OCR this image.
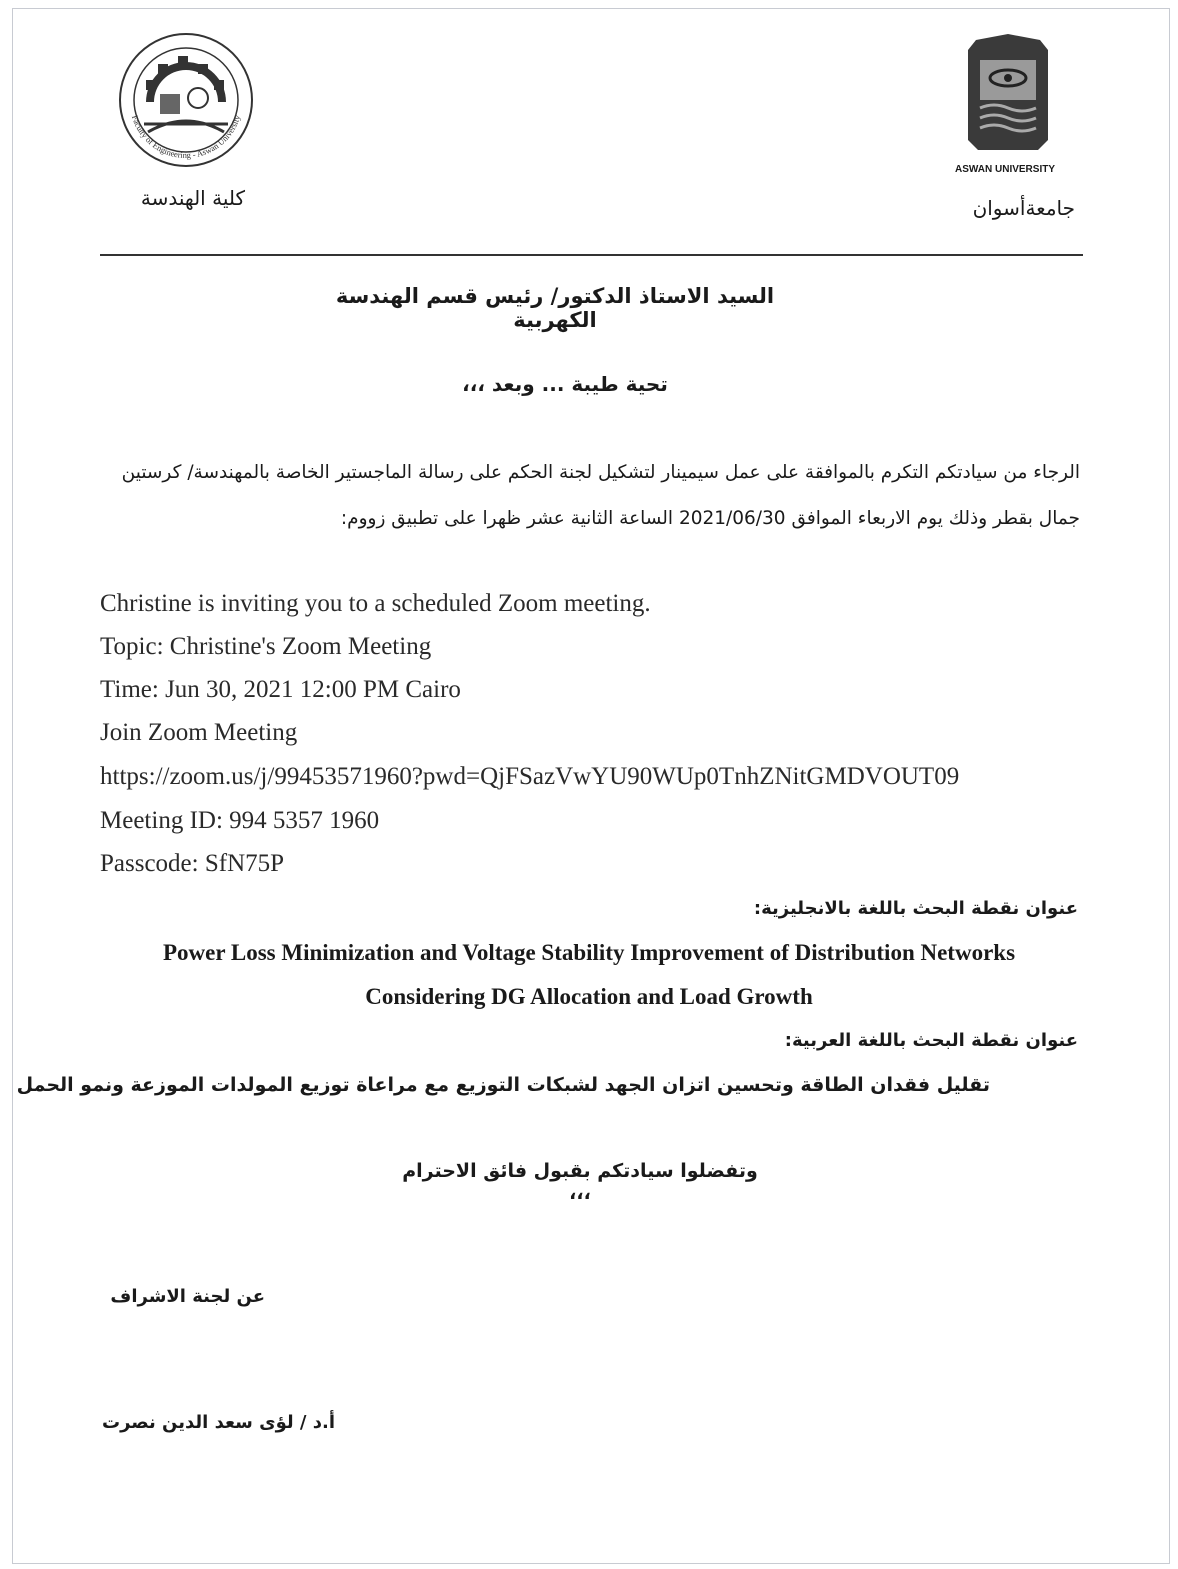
Faculty of Engineering - Aswan University
ASWAN UNIVERSITY
جامعةأسوان
كلية الهندسة
السيد الاستاذ الدكتور/ رئيس قسم الهندسة الكهربية
تحية طيبة ... وبعد ،،،
الرجاء من سيادتكم التكرم بالموافقة على عمل سيمينار لتشكيل لجنة الحكم على رسالة الماجستير الخاصة بالمهندسة/ كرستين
جمال بقطر وذلك يوم الاربعاء الموافق 2021/06/30 الساعة الثانية عشر ظهرا على تطبيق زووم:
Christine is inviting you to a scheduled Zoom meeting.
Topic: Christine's Zoom Meeting
Time: Jun 30, 2021 12:00 PM Cairo
Join Zoom Meeting
https://zoom.us/j/99453571960?pwd=QjFSazVwYU90WUp0TnhZNitGMDVOUT09
Meeting ID: 994 5357 1960
Passcode: SfN75P
عنوان نقطة البحث باللغة بالانجليزية:
Power Loss Minimization and Voltage Stability Improvement of Distribution Networks
Considering DG Allocation and Load Growth
عنوان نقطة البحث باللغة العربية:
تقليل فقدان الطاقة وتحسين اتزان الجهد لشبكات التوزيع مع مراعاة توزيع المولدات الموزعة ونمو الحمل
وتفضلوا سيادتكم بقبول فائق الاحترام ،،،
عن لجنة الاشراف
أ.د / لؤى سعد الدين نصرت
